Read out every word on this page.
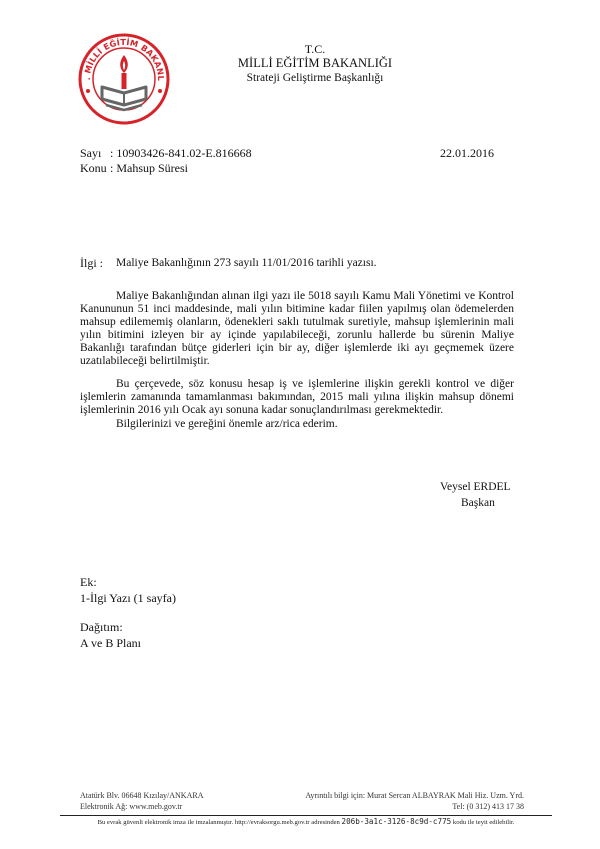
. MİLLİ EĞİTİM BAKANL
T.C.
MİLLİ EĞİTİM BAKANLIĞI
Strateji Geliştirme Başkanlığı
Sayı : 10903426-841.02-E.816668	22.01.2016
Konu : Mahsup Süresi
İlgi : Maliye Bakanlığının 273 sayılı 11/01/2016 tarihli yazısı.
Maliye Bakanlığından alınan ilgi yazı ile 5018 sayılı Kamu Mali Yönetimi ve Kontrol Kanununun 51 inci maddesinde, mali yılın bitimine kadar fiilen yapılmış olan ödemelerden mahsup edilememiş olanların, ödenekleri saklı tutulmak suretiyle, mahsup işlemlerinin mali yılın bitimini izleyen bir ay içinde yapılabileceği, zorunlu hallerde bu sürenin Maliye Bakanlığı tarafından bütçe giderleri için bir ay, diğer işlemlerde iki ayı geçmemek üzere uzatılabileceği belirtilmiştir.
Bu çerçevede, söz konusu hesap iş ve işlemlerine ilişkin gerekli kontrol ve diğer işlemlerin zamanında tamamlanması bakımından, 2015 mali yılına ilişkin mahsup dönemi işlemlerinin 2016 yılı Ocak ayı sonuna kadar sonuçlandırılması gerekmektedir.
Bilgilerinizi ve gereğini önemle arz/rica ederim.
Veysel ERDEL
Başkan
Ek:
1-İlgi Yazı (1 sayfa)
Dağıtım:
A ve B Planı
Atatürk Blv. 06648 Kızılay/ANKARA
Elektronik Ağ: www.meb.gov.tr
Ayrıntılı bilgi için: Murat Sercan ALBAYRAK Mali Hiz. Uzm. Yrd.
Tel: (0 312) 413 17 38
Bu evrak güvenli elektronik imza ile imzalanmıştır. http://evraksorgu.meb.gov.tr adresinden 206b-3a1c-3126-8c9d-c775 kodu ile teyit edilebilir.
